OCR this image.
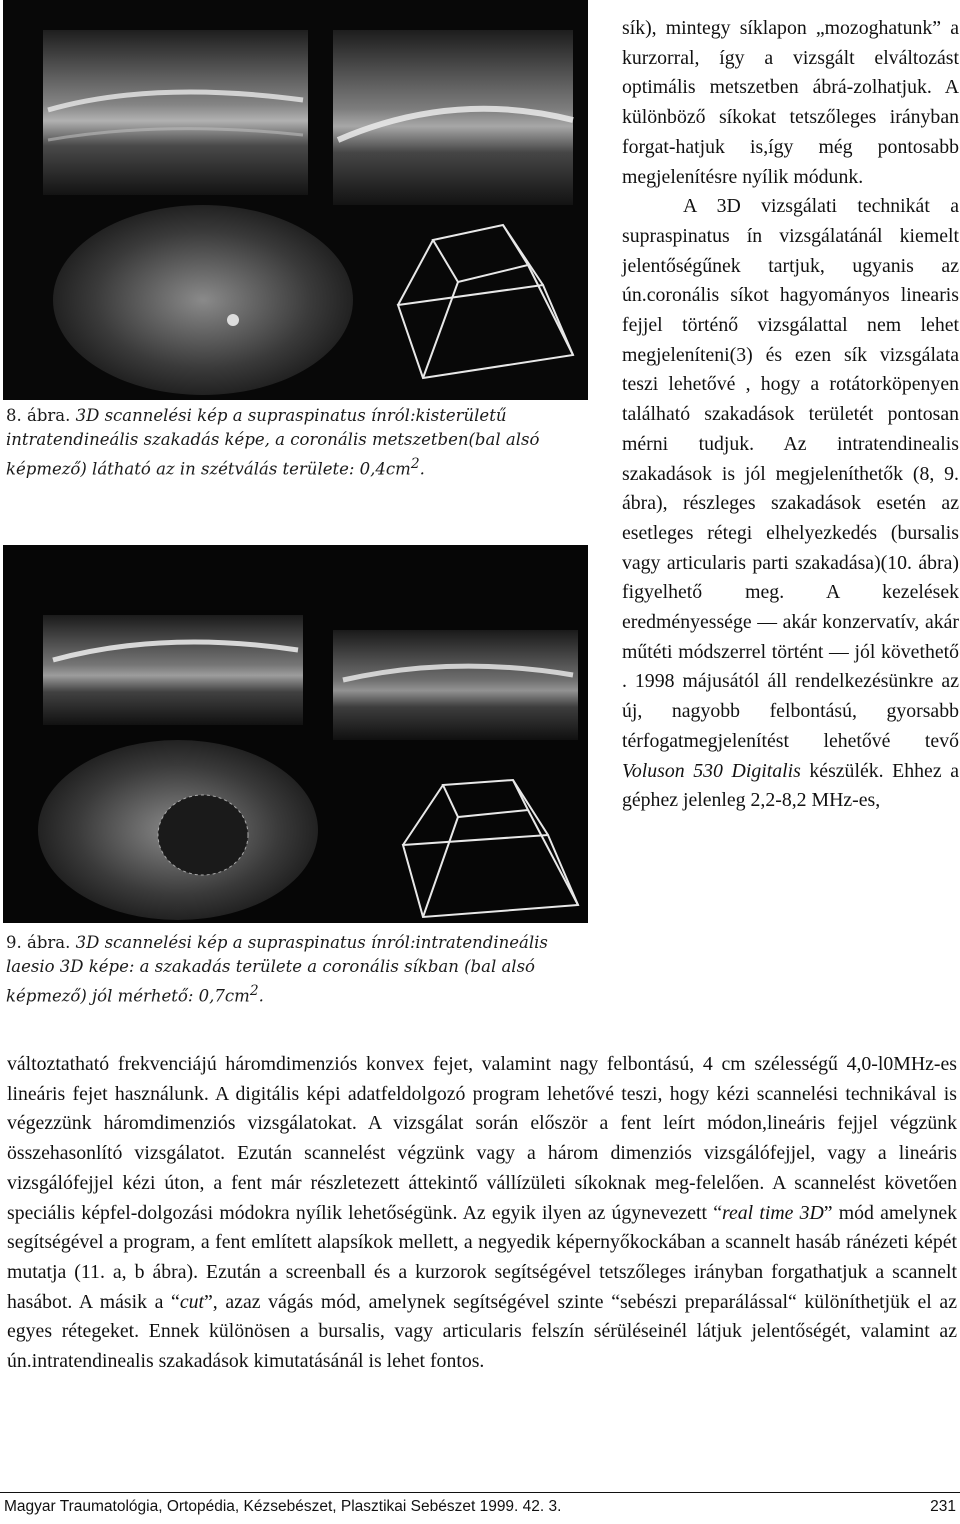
8. ábra. 3D scannelési kép a supraspinatus ínról:kisterületű intratendineális szakadás képe, a coronális metszetben(bal alsó képmező) látható az in szétválás területe: $0,4cm^2$.
9. ábra. 3D scannelési kép a supraspinatus ínról:intratendineális laesio 3D képe: a szakadás területe a coronális síkban (bal alsó képmező) jól mérhető: $0,7cm^2$.

sík), mintegy síklapon „mozoghatunk” a kurzorral, így a vizsgált elváltozást optimális metszetben ábrá-zolhatjuk. A különböző síkokat tetszőleges irányban forgat-hatjuk is,így még pontosabb megjelenítésre nyílik módunk.

A 3D vizsgálati technikát a supraspinatus ín vizsgálatánál kiemelt jelentőségűnek tartjuk, ugyanis az ún.coronális síkot hagyományos linearis fejjel történő vizsgálattal nem lehet megjeleníteni(3) és ezen sík vizsgálata teszi lehetővé , hogy a rotátorköpenyen található szakadások területét pontosan mérni tudjuk. Az intratendinealis szakadások is jól megjeleníthetők (8, 9. ábra), részleges szakadások esetén az esetleges rétegi elhelyezkedés (bursalis vagy articularis parti szakadása)(10. ábra) figyelhető meg. A kezelések eredményessége — akár konzervatív, akár műtéti módszerrel történt — jól követhető . 1998 májusától áll rendelkezésünkre az új, nagyobb felbontású, gyorsabb térfogatmegjelenítést lehetővé tevő Voluson 530 Digitalis készülék. Ehhez a géphez jelenleg 2,2-8,2 MHz-es,

változtatható frekvenciájú háromdimenziós konvex fejet, valamint nagy felbontású, 4 cm szélességű 4,0-l0MHz-es lineáris fejet használunk. A digitális képi adatfeldolgozó program lehetővé teszi, hogy kézi scannelési technikával is végezzünk háromdimenziós vizsgálatokat. A vizsgálat során először a fent leírt módon,lineáris fejjel végzünk összehasonlító vizsgálatot. Ezután scannelést végzünk vagy a három dimenziós vizsgálófejjel, vagy a lineáris vizsgálófejjel kézi úton, a fent már részletezett áttekintő vállízületi síkoknak meg-felelően. A scannelést követően speciális képfel-dolgozási módokra nyílik lehetőségünk. Az egyik ilyen az úgynevezett “real time 3D” mód amelynek segítségével a program, a fent említett alapsíkok mellett, a negyedik képernyőkockában a scannelt hasáb ránézeti képét mutatja (11. a, b ábra). Ezután a screenball és a kurzorok segítségével tetszőleges irányban forgathatjuk a scannelt hasábot. A másik a “cut”, azaz vágás mód, amelynek segítségével szinte “sebészi preparálással“ különíthetjük el az egyes rétegeket. Ennek különösen a bursalis, vagy articularis felszín sérüléseinél látjuk jelentőségét, valamint az ún.intratendinealis szakadások kimutatásánál is lehet fontos.

Magyar Traumatológia, Ortopédia, Kézsebészet, Plasztikai Sebészet 1999. 42. 3.	231
